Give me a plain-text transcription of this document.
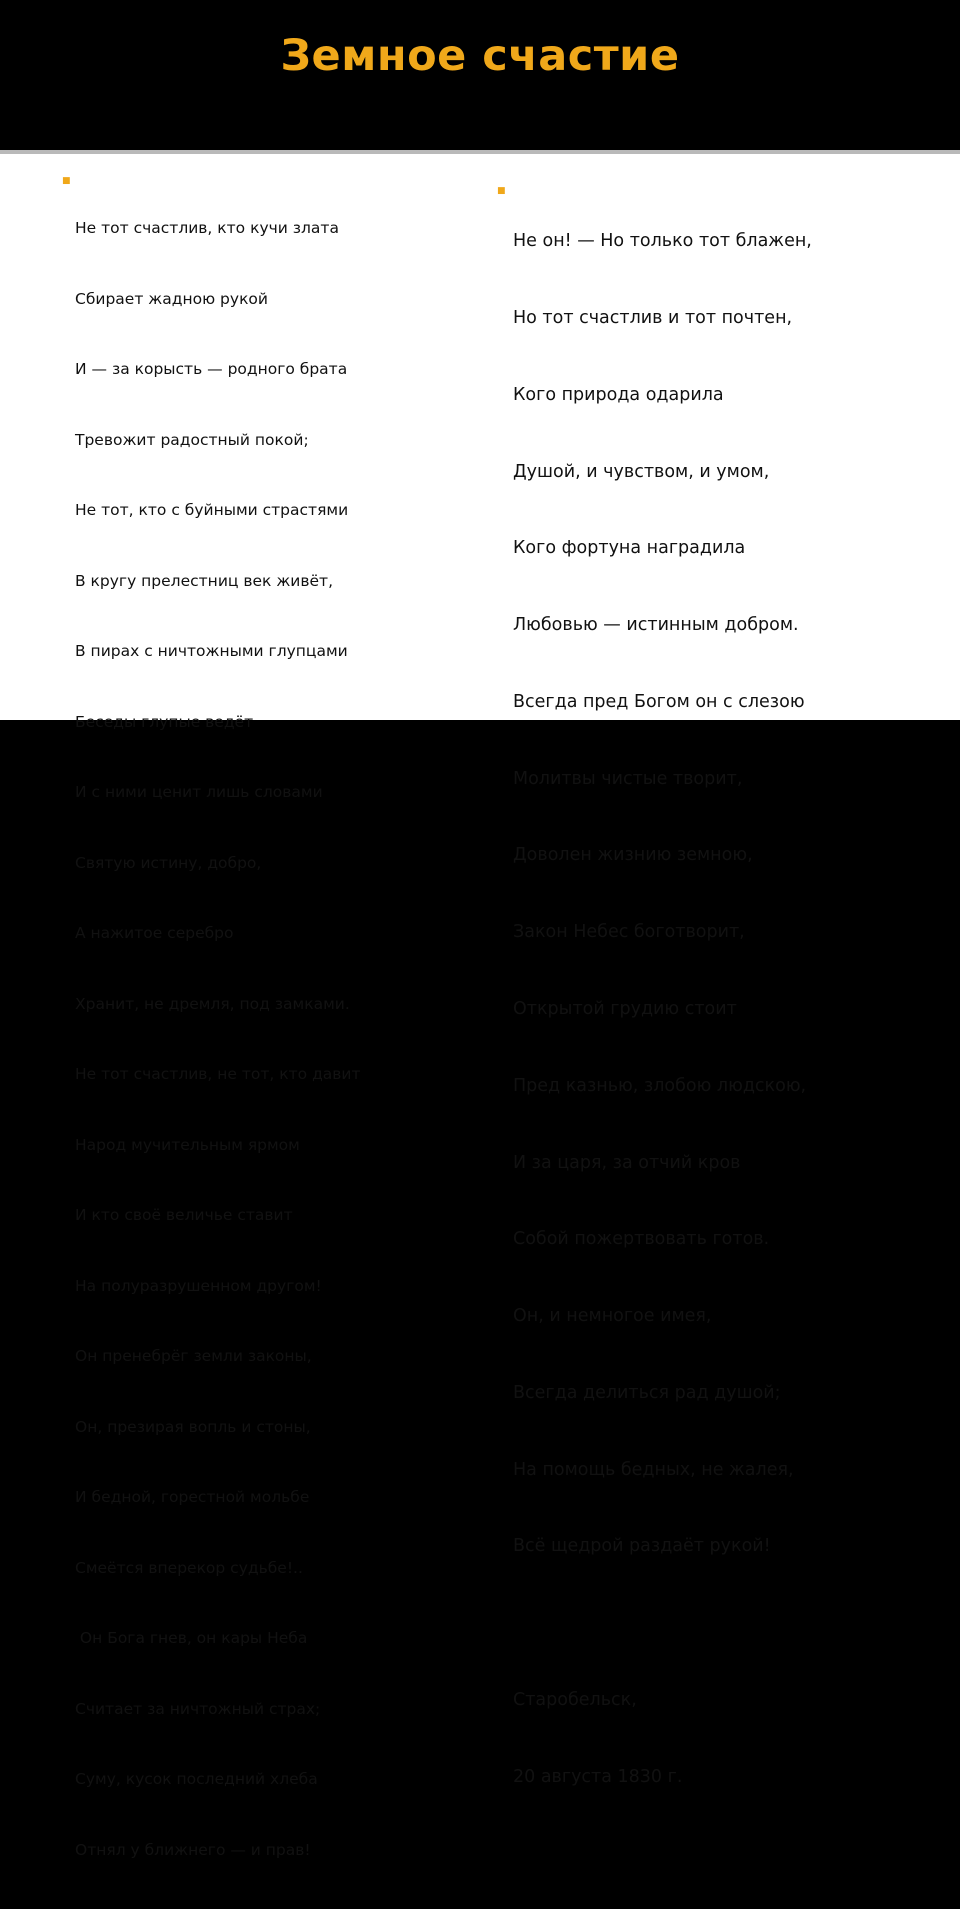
Земное счастие
■

Не тот счастлив, кто кучи злата

Сбирает жадною рукой

И — за корысть — родного брата

Тревожит радостный покой;

Не тот, кто с буйными страстями

В кругу прелестниц век живёт,

В пирах с ничтожными глупцами

Беседы глупые ведёт

И с ними ценит лишь словами

Святую истину, добро,

А нажитое серебро

Хранит, не дремля, под замками.

Не тот счастлив, не тот, кто давит

Народ мучительным ярмом

И кто своё величье ставит

На полуразрушенном другом!

Он пренебрёг земли законы,

Он, презирая вопль и стоны,

И бедной, горестной мольбе

Смеётся вперекор судьбе!..

Он Бога гнев, он кары Неба

Считает за ничтожный страх;

Суму, кусок последний хлеба

Отнял у ближнего — и прав!

■

Не он! — Но только тот блажен,

Но тот счастлив и тот почтен,

Кого природа одарила

Душой, и чувством, и умом,

Кого фортуна наградила

Любовью — истинным добром.

Всегда пред Богом он с слезою

Молитвы чистые творит,

Доволен жизнию земною,

Закон Небес боготворит,

Открытой грудию стоит

Пред казнью, злобою людскою,

И за царя, за отчий кров

Собой пожертвовать готов.

Он, и немногое имея,

Всегда делиться рад душой;

На помощь бедных, не жалея,

Всё щедрой раздаёт рукой!

Старобельск,

20 августа 1830 г.
